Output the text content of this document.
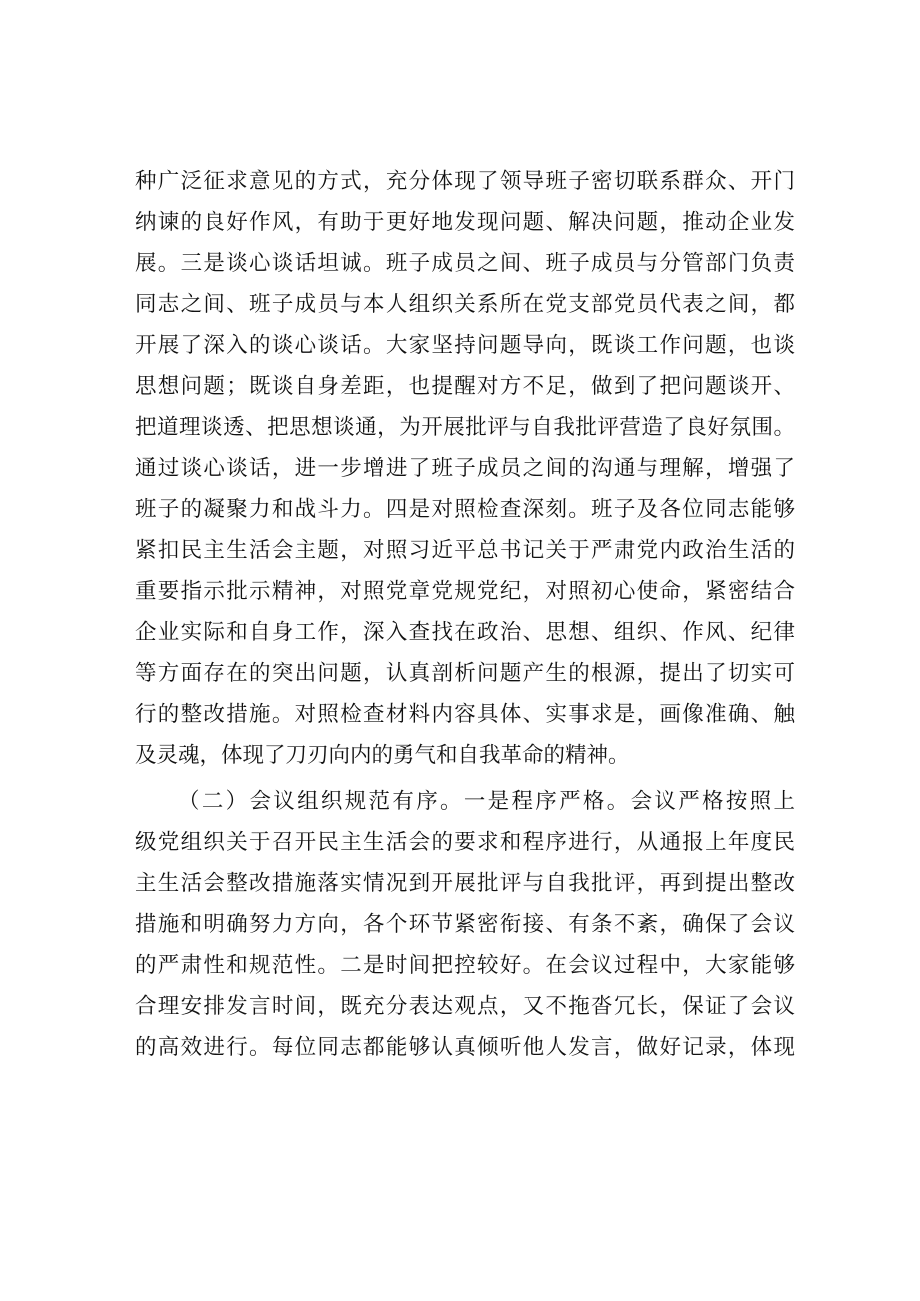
种广泛征求意见的方式，充分体现了领导班子密切联系群众、开门
纳谏的良好作风，有助于更好地发现问题、解决问题，推动企业发
展。三是谈心谈话坦诚。班子成员之间、班子成员与分管部门负责
同志之间、班子成员与本人组织关系所在党支部党员代表之间，都
开展了深入的谈心谈话。大家坚持问题导向，既谈工作问题，也谈
思想问题；既谈自身差距，也提醒对方不足，做到了把问题谈开、
把道理谈透、把思想谈通，为开展批评与自我批评营造了良好氛围。
通过谈心谈话，进一步增进了班子成员之间的沟通与理解，增强了
班子的凝聚力和战斗力。四是对照检查深刻。班子及各位同志能够
紧扣民主生活会主题，对照习近平总书记关于严肃党内政治生活的
重要指示批示精神，对照党章党规党纪，对照初心使命，紧密结合
企业实际和自身工作，深入查找在政治、思想、组织、作风、纪律
等方面存在的突出问题，认真剖析问题产生的根源，提出了切实可
行的整改措施。对照检查材料内容具体、实事求是，画像准确、触
及灵魂，体现了刀刃向内的勇气和自我革命的精神。
（二）会议组织规范有序。一是程序严格。会议严格按照上
级党组织关于召开民主生活会的要求和程序进行，从通报上年度民
主生活会整改措施落实情况到开展批评与自我批评，再到提出整改
措施和明确努力方向，各个环节紧密衔接、有条不紊，确保了会议
的严肃性和规范性。二是时间把控较好。在会议过程中，大家能够
合理安排发言时间，既充分表达观点，又不拖沓冗长，保证了会议
的高效进行。每位同志都能够认真倾听他人发言，做好记录，体现
